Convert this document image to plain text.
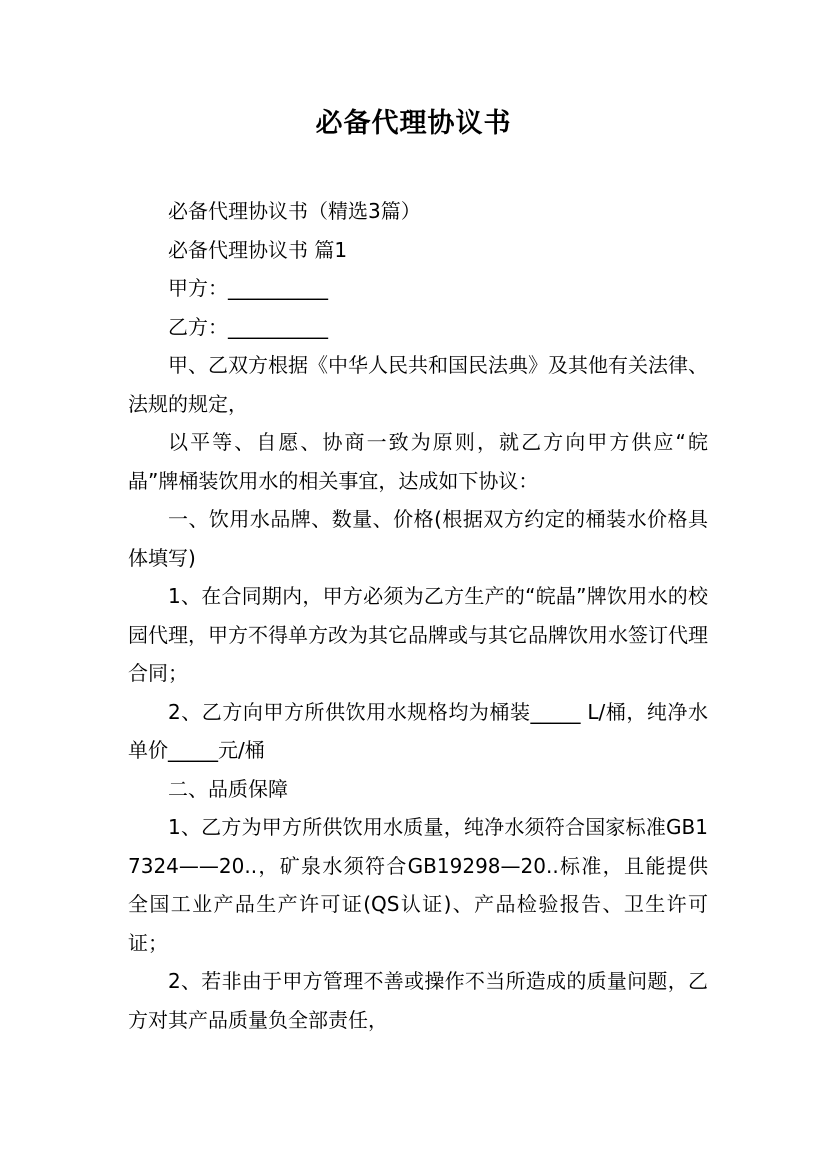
必备代理协议书

必备代理协议书（精选3篇）

必备代理协议书 篇1

甲方：__________

乙方：__________

甲、乙双方根据《中华人民共和国民法典》及其他有关法律、法规的规定，

以平等、自愿、协商一致为原则，就乙方向甲方供应“皖晶”牌桶装饮用水的相关事宜，达成如下协议：

一、饮用水品牌、数量、价格(根据双方约定的桶装水价格具体填写)

1、在合同期内，甲方必须为乙方生产的“皖晶”牌饮用水的校园代理，甲方不得单方改为其它品牌或与其它品牌饮用水签订代理合同；

2、乙方向甲方所供饮用水规格均为桶装_____ L/桶，纯净水单价_____元/桶

二、品质保障

1、乙方为甲方所供饮用水质量，纯净水须符合国家标准GB17324——20..，矿泉水须符合GB19298—20..标准，且能提供全国工业产品生产许可证(QS认证)、产品检验报告、卫生许可证；

2、若非由于甲方管理不善或操作不当所造成的质量问题，乙方对其产品质量负全部责任，
